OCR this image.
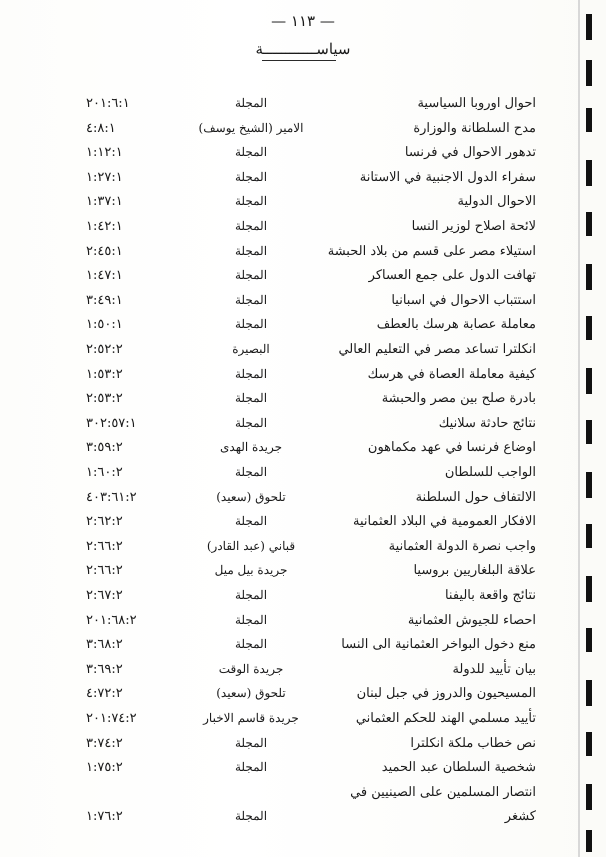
— ١١٣ —
سياســــــــــــة
احوال اوروبا السياسية
المجلة
٢٠١:٦:١
مدح السلطانة والوزارة
الامير (الشيخ يوسف)
٤:٨:١
تدهور الاحوال في فرنسا
المجلة
١:١٢:١
سفراء الدول الاجنبية في الاستانة
المجلة
١:٢٧:١
الاحوال الدولية
المجلة
١:٣٧:١
لائحة اصلاح لوزير النسا
المجلة
١:٤٢:١
استيلاء مصر على قسم من بلاد الحبشة
المجلة
٢:٤٥:١
تهافت الدول على جمع العساكر
المجلة
١:٤٧:١
استتباب الاحوال في اسبانيا
المجلة
٣:٤٩:١
معاملة عصابة هرسك بالعطف
المجلة
١:٥٠:١
انكلترا تساعد مصر في التعليم العالي
البصيرة
٢:٥٢:٢
كيفية معاملة العصاة في هرسك
المجلة
١:٥٣:٢
بادرة صلح بين مصر والحبشة
المجلة
٢:٥٣:٢
نتائج حادثة سلانيك
المجلة
٣٠٢:٥٧:١
اوضاع فرنسا في عهد مكماهون
جريدة الهدى
٣:٥٩:٢
الواجب للسلطان
المجلة
١:٦٠:٢
الالتفاف حول السلطنة
تلحوق (سعيد)
٤٠٣:٦١:٢
الافكار العمومية في البلاد العثمانية
المجلة
٢:٦٢:٢
واجب نصرة الدولة العثمانية
قباني (عبد القادر)
٢:٦٦:٢
علاقة البلغاريين بروسيا
جريدة بيل ميل
٢:٦٦:٢
نتائج واقعة باليفنا
المجلة
٢:٦٧:٢
احصاء للجيوش العثمانية
المجلة
٢٠١:٦٨:٢
منع دخول البواخر العثمانية الى النسا
المجلة
٣:٦٨:٢
بيان تأييد للدولة
جريدة الوقت
٣:٦٩:٢
المسيحيون والدروز في جبل لبنان
تلحوق (سعيد)
٤:٧٢:٢
تأييد مسلمي الهند للحكم العثماني
جريدة قاسم الاخبار
٢٠١:٧٤:٢
نص خطاب ملكة انكلترا
المجلة
٣:٧٤:٢
شخصية السلطان عبد الحميد
المجلة
١:٧٥:٢
انتصار المسلمين على الصينيين في
كشغر
المجلة
١:٧٦:٢
